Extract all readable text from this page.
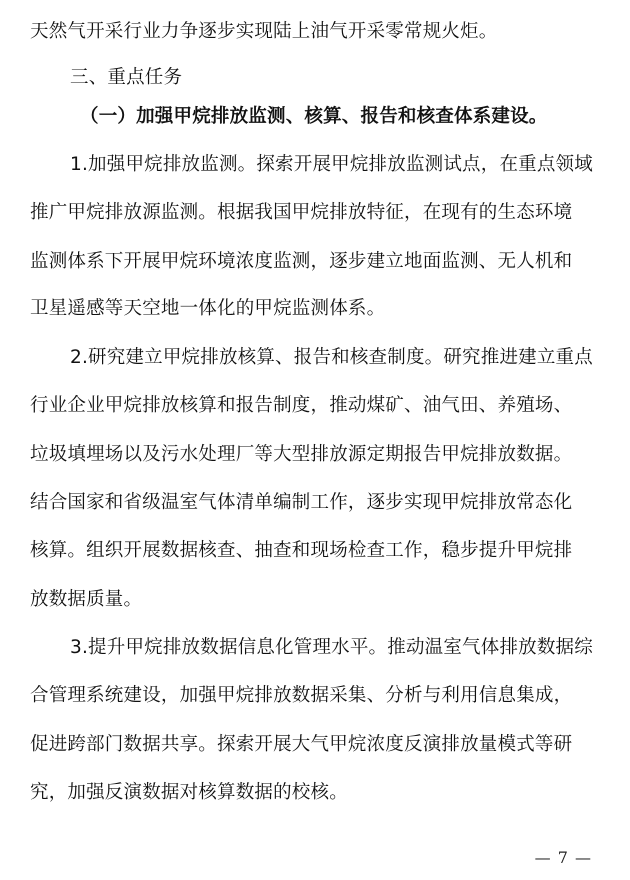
天然气开采行业力争逐步实现陆上油气开采零常规火炬。
三、重点任务
（一）加强甲烷排放监测、核算、报告和核查体系建设。
1.加强甲烷排放监测。探索开展甲烷排放监测试点，在重点领域
推广甲烷排放源监测。根据我国甲烷排放特征，在现有的生态环境
监测体系下开展甲烷环境浓度监测，逐步建立地面监测、无人机和
卫星遥感等天空地一体化的甲烷监测体系。
2.研究建立甲烷排放核算、报告和核查制度。研究推进建立重点
行业企业甲烷排放核算和报告制度，推动煤矿、油气田、养殖场、
垃圾填埋场以及污水处理厂等大型排放源定期报告甲烷排放数据。
结合国家和省级温室气体清单编制工作，逐步实现甲烷排放常态化
核算。组织开展数据核查、抽查和现场检查工作，稳步提升甲烷排
放数据质量。
3.提升甲烷排放数据信息化管理水平。推动温室气体排放数据综
合管理系统建设，加强甲烷排放数据采集、分析与利用信息集成，
促进跨部门数据共享。探索开展大气甲烷浓度反演排放量模式等研
究，加强反演数据对核算数据的校核。
— 7 —
